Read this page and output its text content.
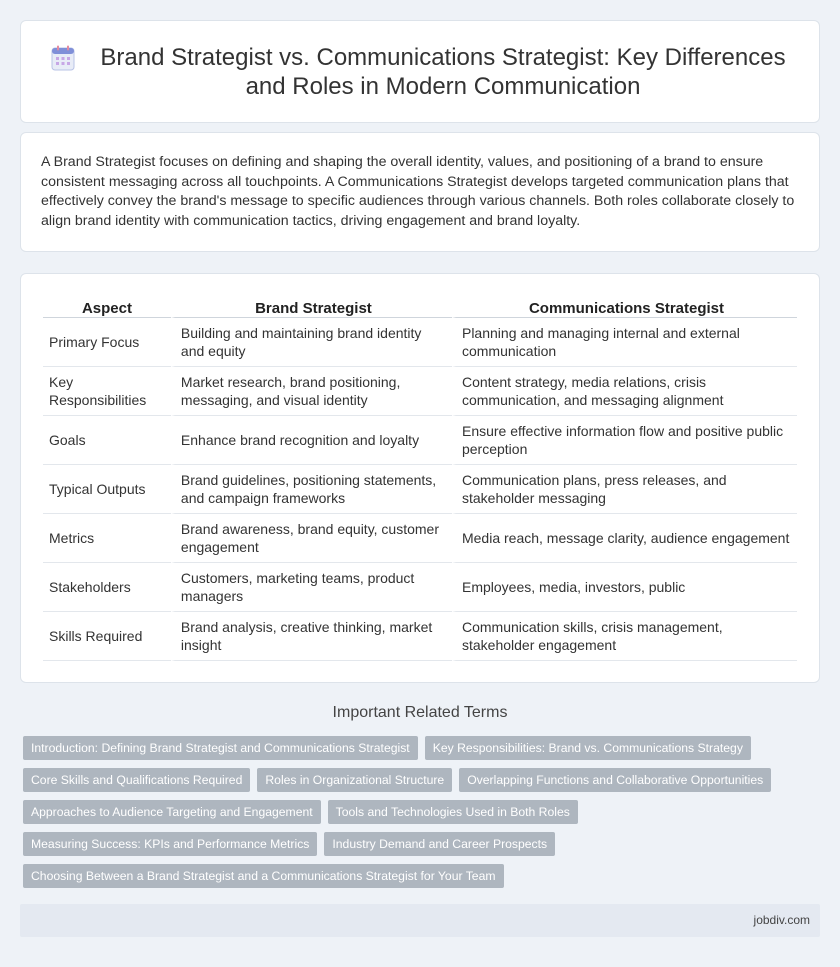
Brand Strategist vs. Communications Strategist: Key Differences and Roles in Modern Communication

A Brand Strategist focuses on defining and shaping the overall identity, values, and positioning of a brand to ensure consistent messaging across all touchpoints. A Communications Strategist develops targeted communication plans that effectively convey the brand's message to specific audiences through various channels. Both roles collaborate closely to align brand identity with communication tactics, driving engagement and brand loyalty.

Aspect	Brand Strategist	Communications Strategist
Primary Focus	Building and maintaining brand identity and equity	Planning and managing internal and external communication
Key Responsibilities	Market research, brand positioning, messaging, and visual identity	Content strategy, media relations, crisis communication, and messaging alignment
Goals	Enhance brand recognition and loyalty	Ensure effective information flow and positive public perception
Typical Outputs	Brand guidelines, positioning statements, and campaign frameworks	Communication plans, press releases, and stakeholder messaging
Metrics	Brand awareness, brand equity, customer engagement	Media reach, message clarity, audience engagement
Stakeholders	Customers, marketing teams, product managers	Employees, media, investors, public
Skills Required	Brand analysis, creative thinking, market insight	Communication skills, crisis management, stakeholder engagement
Important Related Terms
Introduction: Defining Brand Strategist and Communications Strategist	Key Responsibilities: Brand vs. Communications Strategy
Core Skills and Qualifications Required	Roles in Organizational Structure	Overlapping Functions and Collaborative Opportunities
Approaches to Audience Targeting and Engagement	Tools and Technologies Used in Both Roles
Measuring Success: KPIs and Performance Metrics	Industry Demand and Career Prospects
Choosing Between a Brand Strategist and a Communications Strategist for Your Team
jobdiv.com
